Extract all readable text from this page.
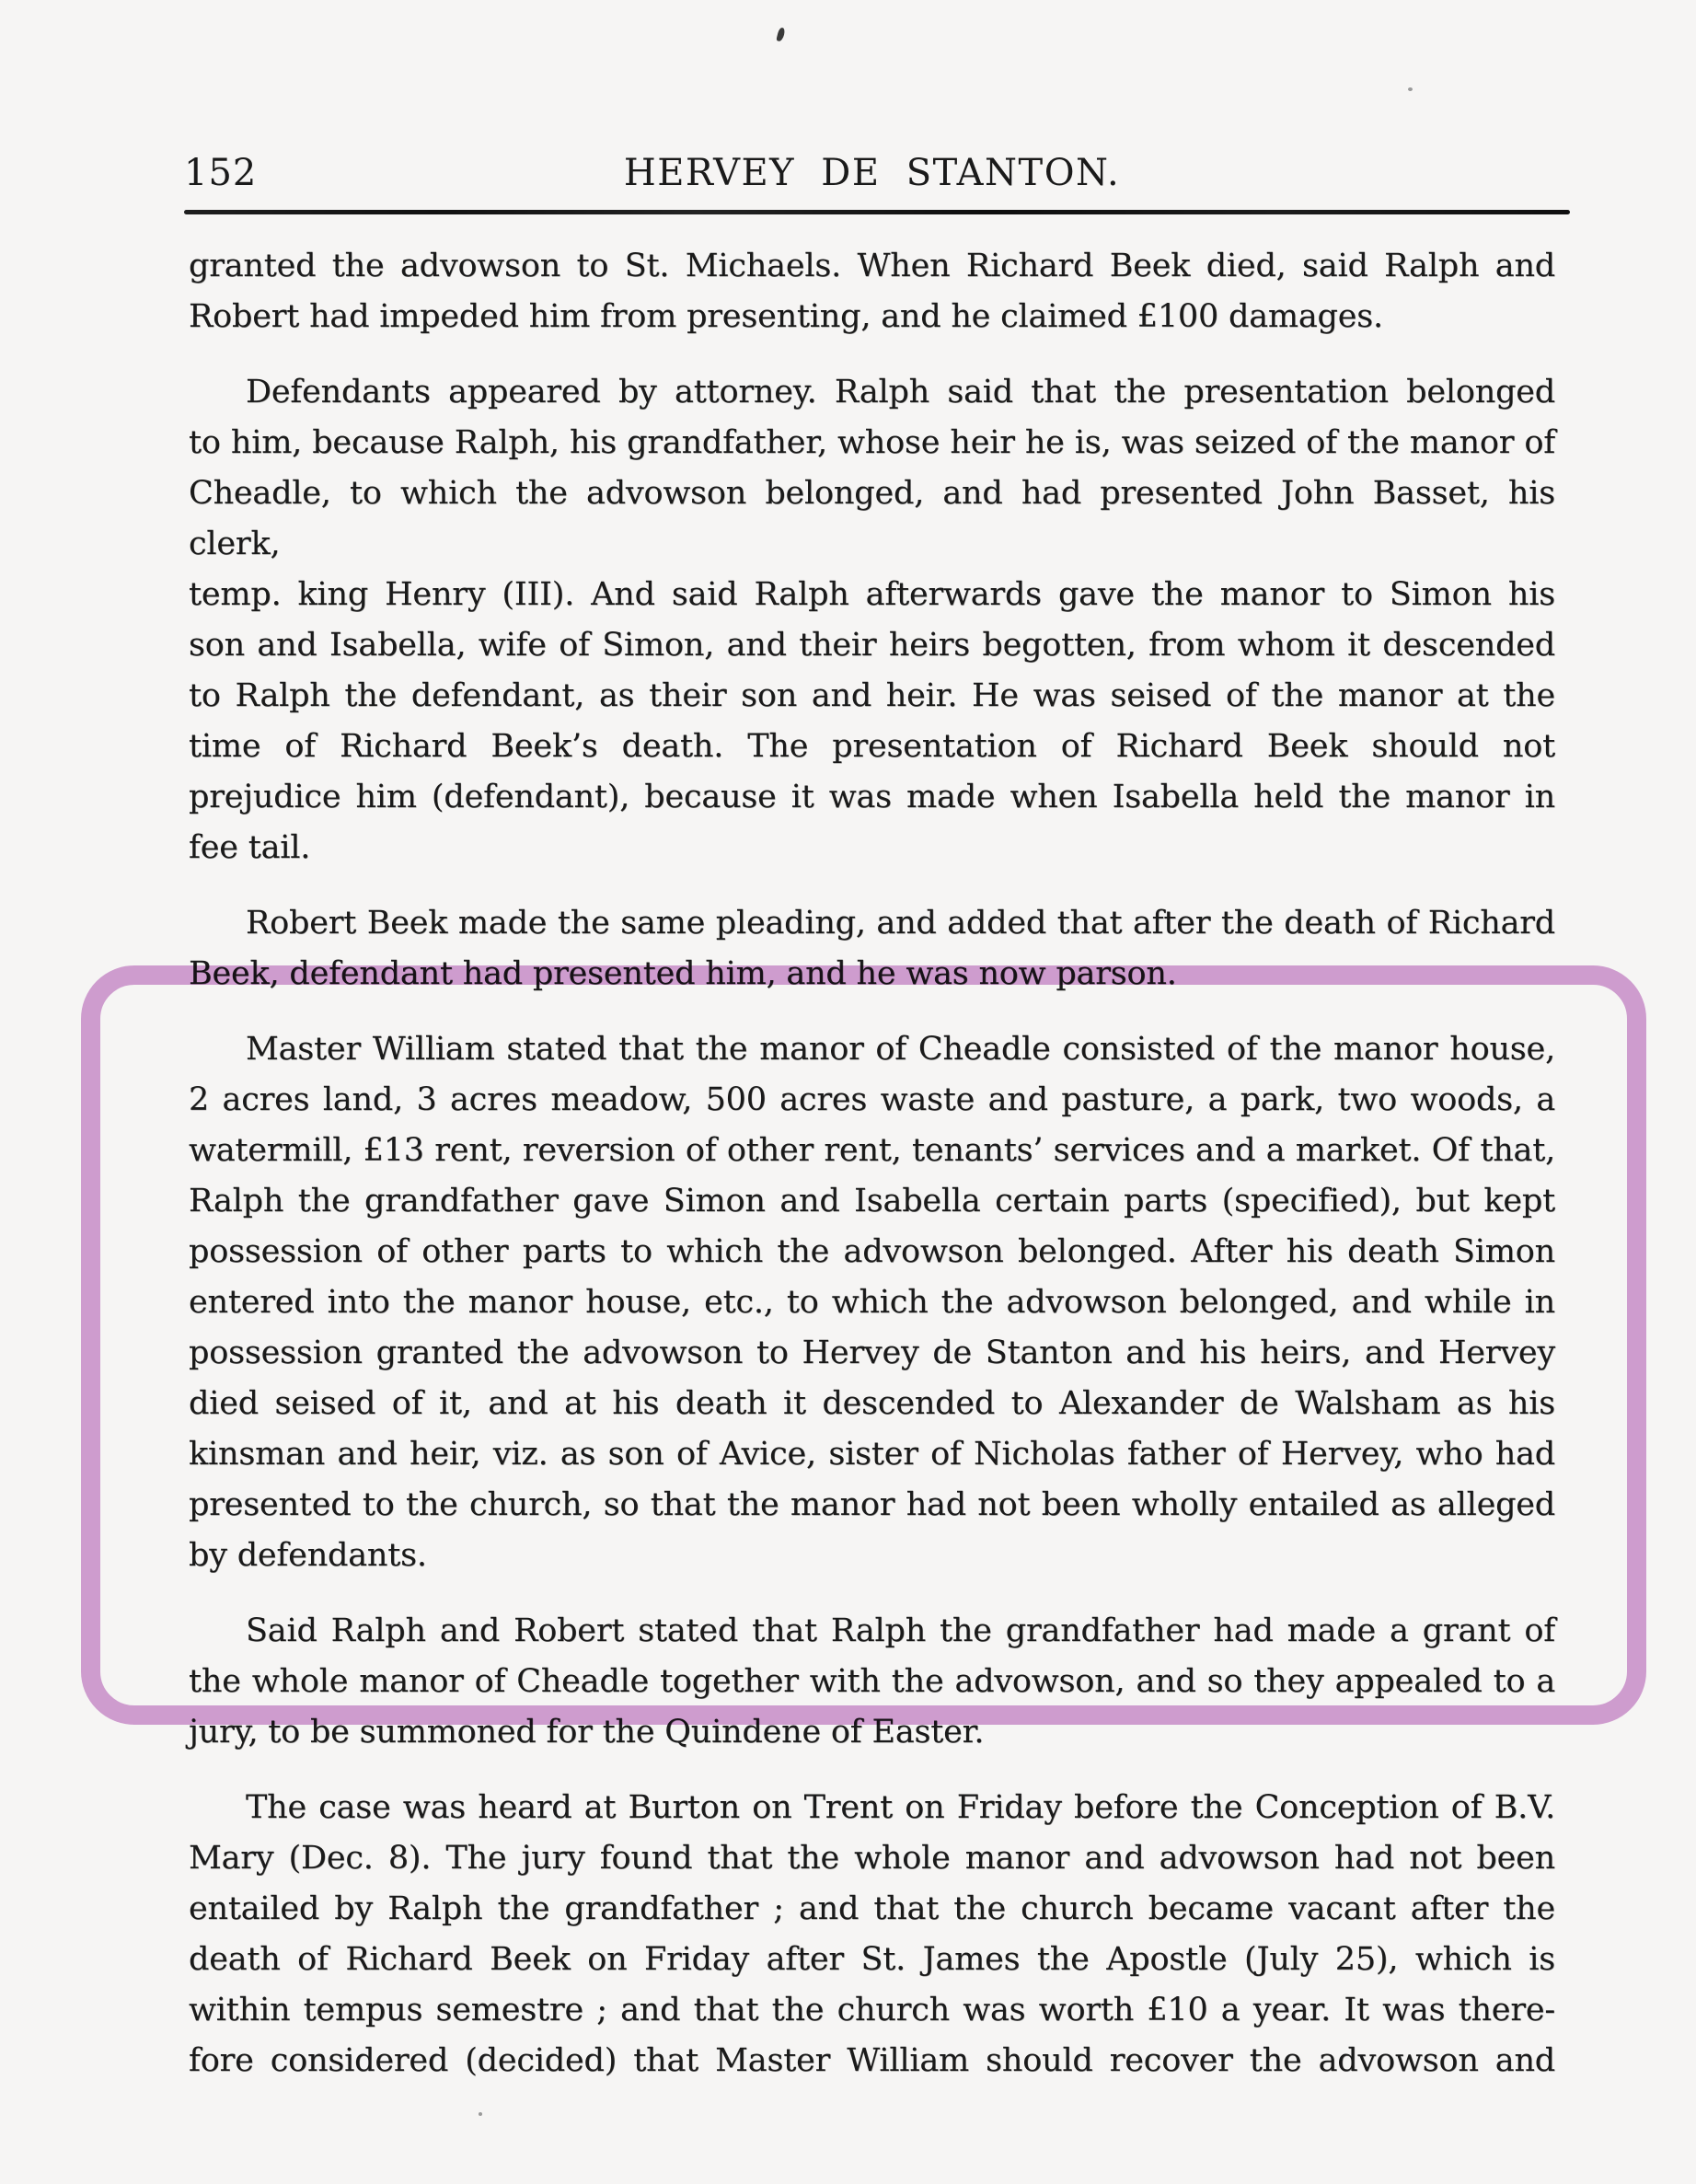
152	HERVEY DE STANTON.
granted the advowson to St. Michaels. When Richard Beek died, said Ralph and
Robert had impeded him from presenting, and he claimed £100 damages.
Defendants appeared by attorney. Ralph said that the presentation belonged
to him, because Ralph, his grandfather, whose heir he is, was seized of the manor of
Cheadle, to which the advowson belonged, and had presented John Basset, his clerk,
temp. king Henry (III). And said Ralph afterwards gave the manor to Simon his
son and Isabella, wife of Simon, and their heirs begotten, from whom it descended
to Ralph the defendant, as their son and heir. He was seised of the manor at the
time of Richard Beek’s death. The presentation of Richard Beek should not
prejudice him (defendant), because it was made when Isabella held the manor in
fee tail.
Robert Beek made the same pleading, and added that after the death of Richard
Beek, defendant had presented him, and he was now parson.
Master William stated that the manor of Cheadle consisted of the manor house,
2 acres land, 3 acres meadow, 500 acres waste and pasture, a park, two woods, a
watermill, £13 rent, reversion of other rent, tenants’ services and a market. Of that,
Ralph the grandfather gave Simon and Isabella certain parts (specified), but kept
possession of other parts to which the advowson belonged. After his death Simon
entered into the manor house, etc., to which the advowson belonged, and while in
possession granted the advowson to Hervey de Stanton and his heirs, and Hervey
died seised of it, and at his death it descended to Alexander de Walsham as his
kinsman and heir, viz. as son of Avice, sister of Nicholas father of Hervey, who had
presented to the church, so that the manor had not been wholly entailed as alleged
by defendants.
Said Ralph and Robert stated that Ralph the grandfather had made a grant of
the whole manor of Cheadle together with the advowson, and so they appealed to a
jury, to be summoned for the Quindene of Easter.
The case was heard at Burton on Trent on Friday before the Conception of B.V.
Mary (Dec. 8). The jury found that the whole manor and advowson had not been
entailed by Ralph the grandfather ; and that the church became vacant after the
death of Richard Beek on Friday after St. James the Apostle (July 25), which is
within tempus semestre ; and that the church was worth £10 a year. It was there-
fore considered (decided) that Master William should recover the advowson and
